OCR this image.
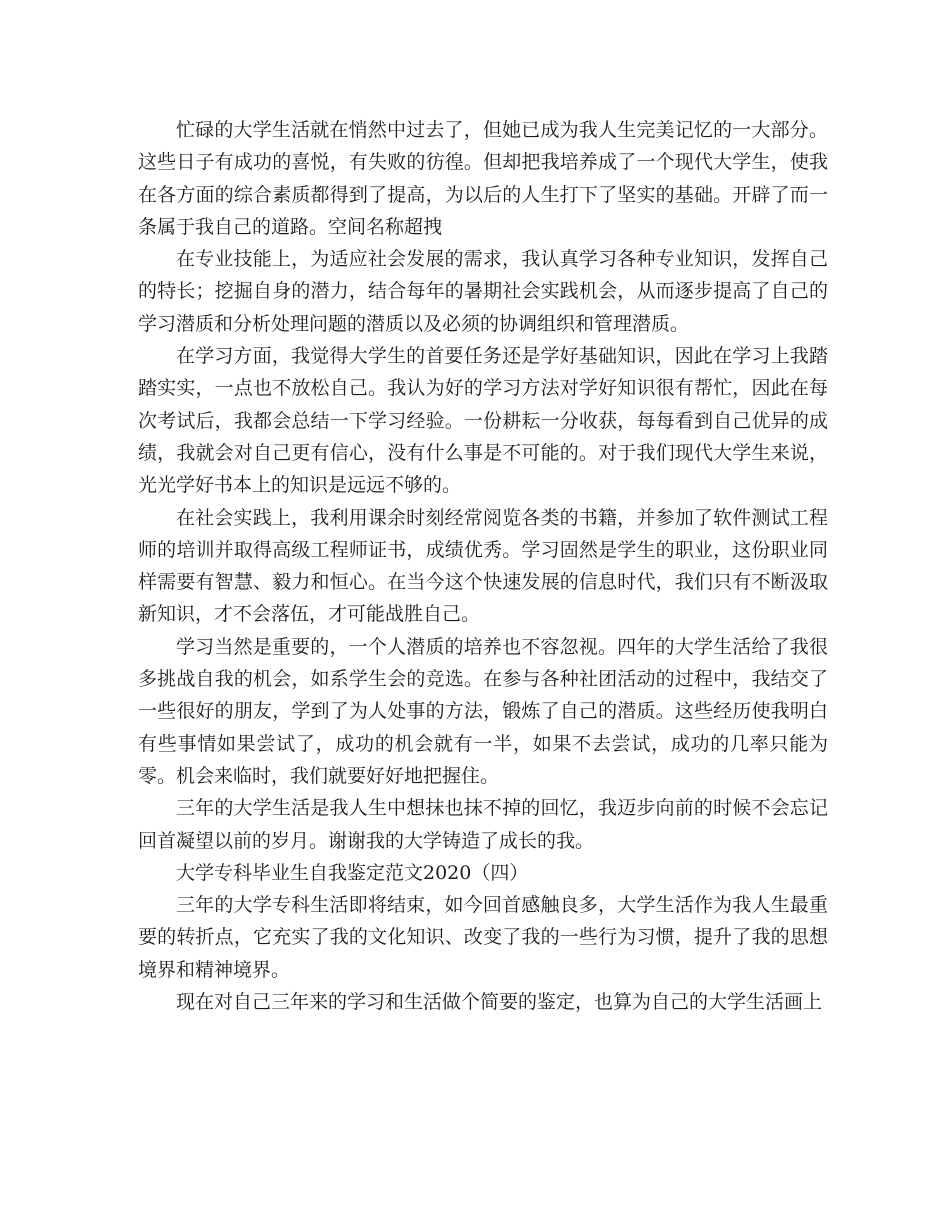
忙碌的大学生活就在悄然中过去了，但她已成为我人生完美记忆的一大部分。这些日子有成功的喜悦，有失败的彷徨。但却把我培养成了一个现代大学生，使我在各方面的综合素质都得到了提高，为以后的人生打下了坚实的基础。开辟了而一条属于我自己的道路。空间名称超拽

在专业技能上，为适应社会发展的需求，我认真学习各种专业知识，发挥自己的特长；挖掘自身的潜力，结合每年的暑期社会实践机会，从而逐步提高了自己的学习潜质和分析处理问题的潜质以及必须的协调组织和管理潜质。

在学习方面，我觉得大学生的首要任务还是学好基础知识，因此在学习上我踏踏实实，一点也不放松自己。我认为好的学习方法对学好知识很有帮忙，因此在每次考试后，我都会总结一下学习经验。一份耕耘一分收获，每每看到自己优异的成绩，我就会对自己更有信心，没有什么事是不可能的。对于我们现代大学生来说，光光学好书本上的知识是远远不够的。

在社会实践上，我利用课余时刻经常阅览各类的书籍，并参加了软件测试工程师的培训并取得高级工程师证书，成绩优秀。学习固然是学生的职业，这份职业同样需要有智慧、毅力和恒心。在当今这个快速发展的信息时代，我们只有不断汲取新知识，才不会落伍，才可能战胜自己。

学习当然是重要的，一个人潜质的培养也不容忽视。四年的大学生活给了我很多挑战自我的机会，如系学生会的竞选。在参与各种社团活动的过程中，我结交了一些很好的朋友，学到了为人处事的方法，锻炼了自己的潜质。这些经历使我明白有些事情如果尝试了，成功的机会就有一半，如果不去尝试，成功的几率只能为零。机会来临时，我们就要好好地把握住。

三年的大学生活是我人生中想抹也抹不掉的回忆，我迈步向前的时候不会忘记回首凝望以前的岁月。谢谢我的大学铸造了成长的我。

大学专科毕业生自我鉴定范文2020（四）

三年的大学专科生活即将结束，如今回首感触良多，大学生活作为我人生最重要的转折点，它充实了我的文化知识、改变了我的一些行为习惯，提升了我的思想境界和精神境界。

现在对自己三年来的学习和生活做个简要的鉴定，也算为自己的大学生活画上
